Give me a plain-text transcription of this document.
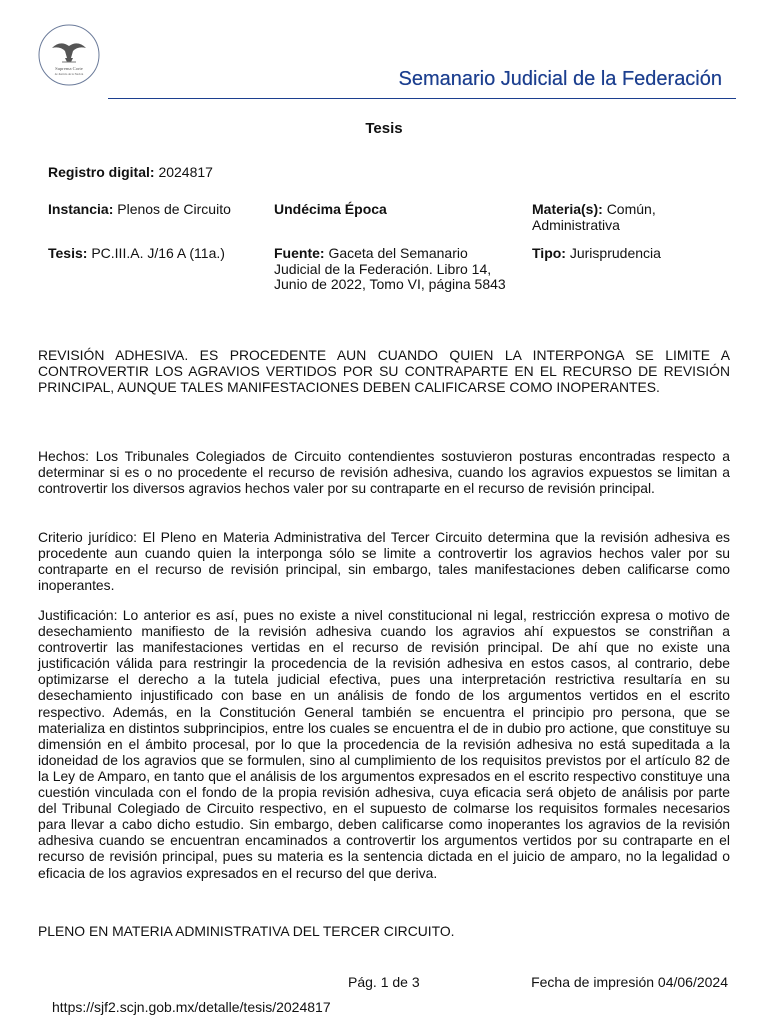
Suprema Corte
de Justicia de la Nación	Semanario Judicial de la Federación
Tesis
Registro digital: 2024817
Instancia: Plenos de Circuito	Undécima Época	Materia(s): Común, Administrativa
Tesis: PC.III.A. J/16 A (11a.)	Fuente: Gaceta del Semanario Judicial de la Federación. Libro 14, Junio de 2022, Tomo VI, página 5843
Tipo: Jurisprudencia
REVISIÓN ADHESIVA. ES PROCEDENTE AUN CUANDO QUIEN LA INTERPONGA SE LIMITE A CONTROVERTIR LOS AGRAVIOS VERTIDOS POR SU CONTRAPARTE EN EL RECURSO DE REVISIÓN PRINCIPAL, AUNQUE TALES MANIFESTACIONES DEBEN CALIFICARSE COMO INOPERANTES.
Hechos: Los Tribunales Colegiados de Circuito contendientes sostuvieron posturas encontradas respecto a determinar si es o no procedente el recurso de revisión adhesiva, cuando los agravios expuestos se limitan a controvertir los diversos agravios hechos valer por su contraparte en el recurso de revisión principal.
Criterio jurídico: El Pleno en Materia Administrativa del Tercer Circuito determina que la revisión adhesiva es procedente aun cuando quien la interponga sólo se limite a controvertir los agravios hechos valer por su contraparte en el recurso de revisión principal, sin embargo, tales manifestaciones deben calificarse como inoperantes.
Justificación: Lo anterior es así, pues no existe a nivel constitucional ni legal, restricción expresa o motivo de desechamiento manifiesto de la revisión adhesiva cuando los agravios ahí expuestos se constriñan a controvertir las manifestaciones vertidas en el recurso de revisión principal. De ahí que no existe una justificación válida para restringir la procedencia de la revisión adhesiva en estos casos, al contrario, debe optimizarse el derecho a la tutela judicial efectiva, pues una interpretación restrictiva resultaría en su desechamiento injustificado con base en un análisis de fondo de los argumentos vertidos en el escrito respectivo. Además, en la Constitución General también se encuentra el principio pro persona, que se materializa en distintos subprincipios, entre los cuales se encuentra el de in dubio pro actione, que constituye su dimensión en el ámbito procesal, por lo que la procedencia de la revisión adhesiva no está supeditada a la idoneidad de los agravios que se formulen, sino al cumplimiento de los requisitos previstos por el artículo 82 de la Ley de Amparo, en tanto que el análisis de los argumentos expresados en el escrito respectivo constituye una cuestión vinculada con el fondo de la propia revisión adhesiva, cuya eficacia será objeto de análisis por parte del Tribunal Colegiado de Circuito respectivo, en el supuesto de colmarse los requisitos formales necesarios para llevar a cabo dicho estudio. Sin embargo, deben calificarse como inoperantes los agravios de la revisión adhesiva cuando se encuentran encaminados a controvertir los argumentos vertidos por su contraparte en el recurso de revisión principal, pues su materia es la sentencia dictada en el juicio de amparo, no la legalidad o eficacia de los agravios expresados en el recurso del que deriva.
PLENO EN MATERIA ADMINISTRATIVA DEL TERCER CIRCUITO.
Pág. 1 de 3	Fecha de impresión 04/06/2024
https://sjf2.scjn.gob.mx/detalle/tesis/2024817
